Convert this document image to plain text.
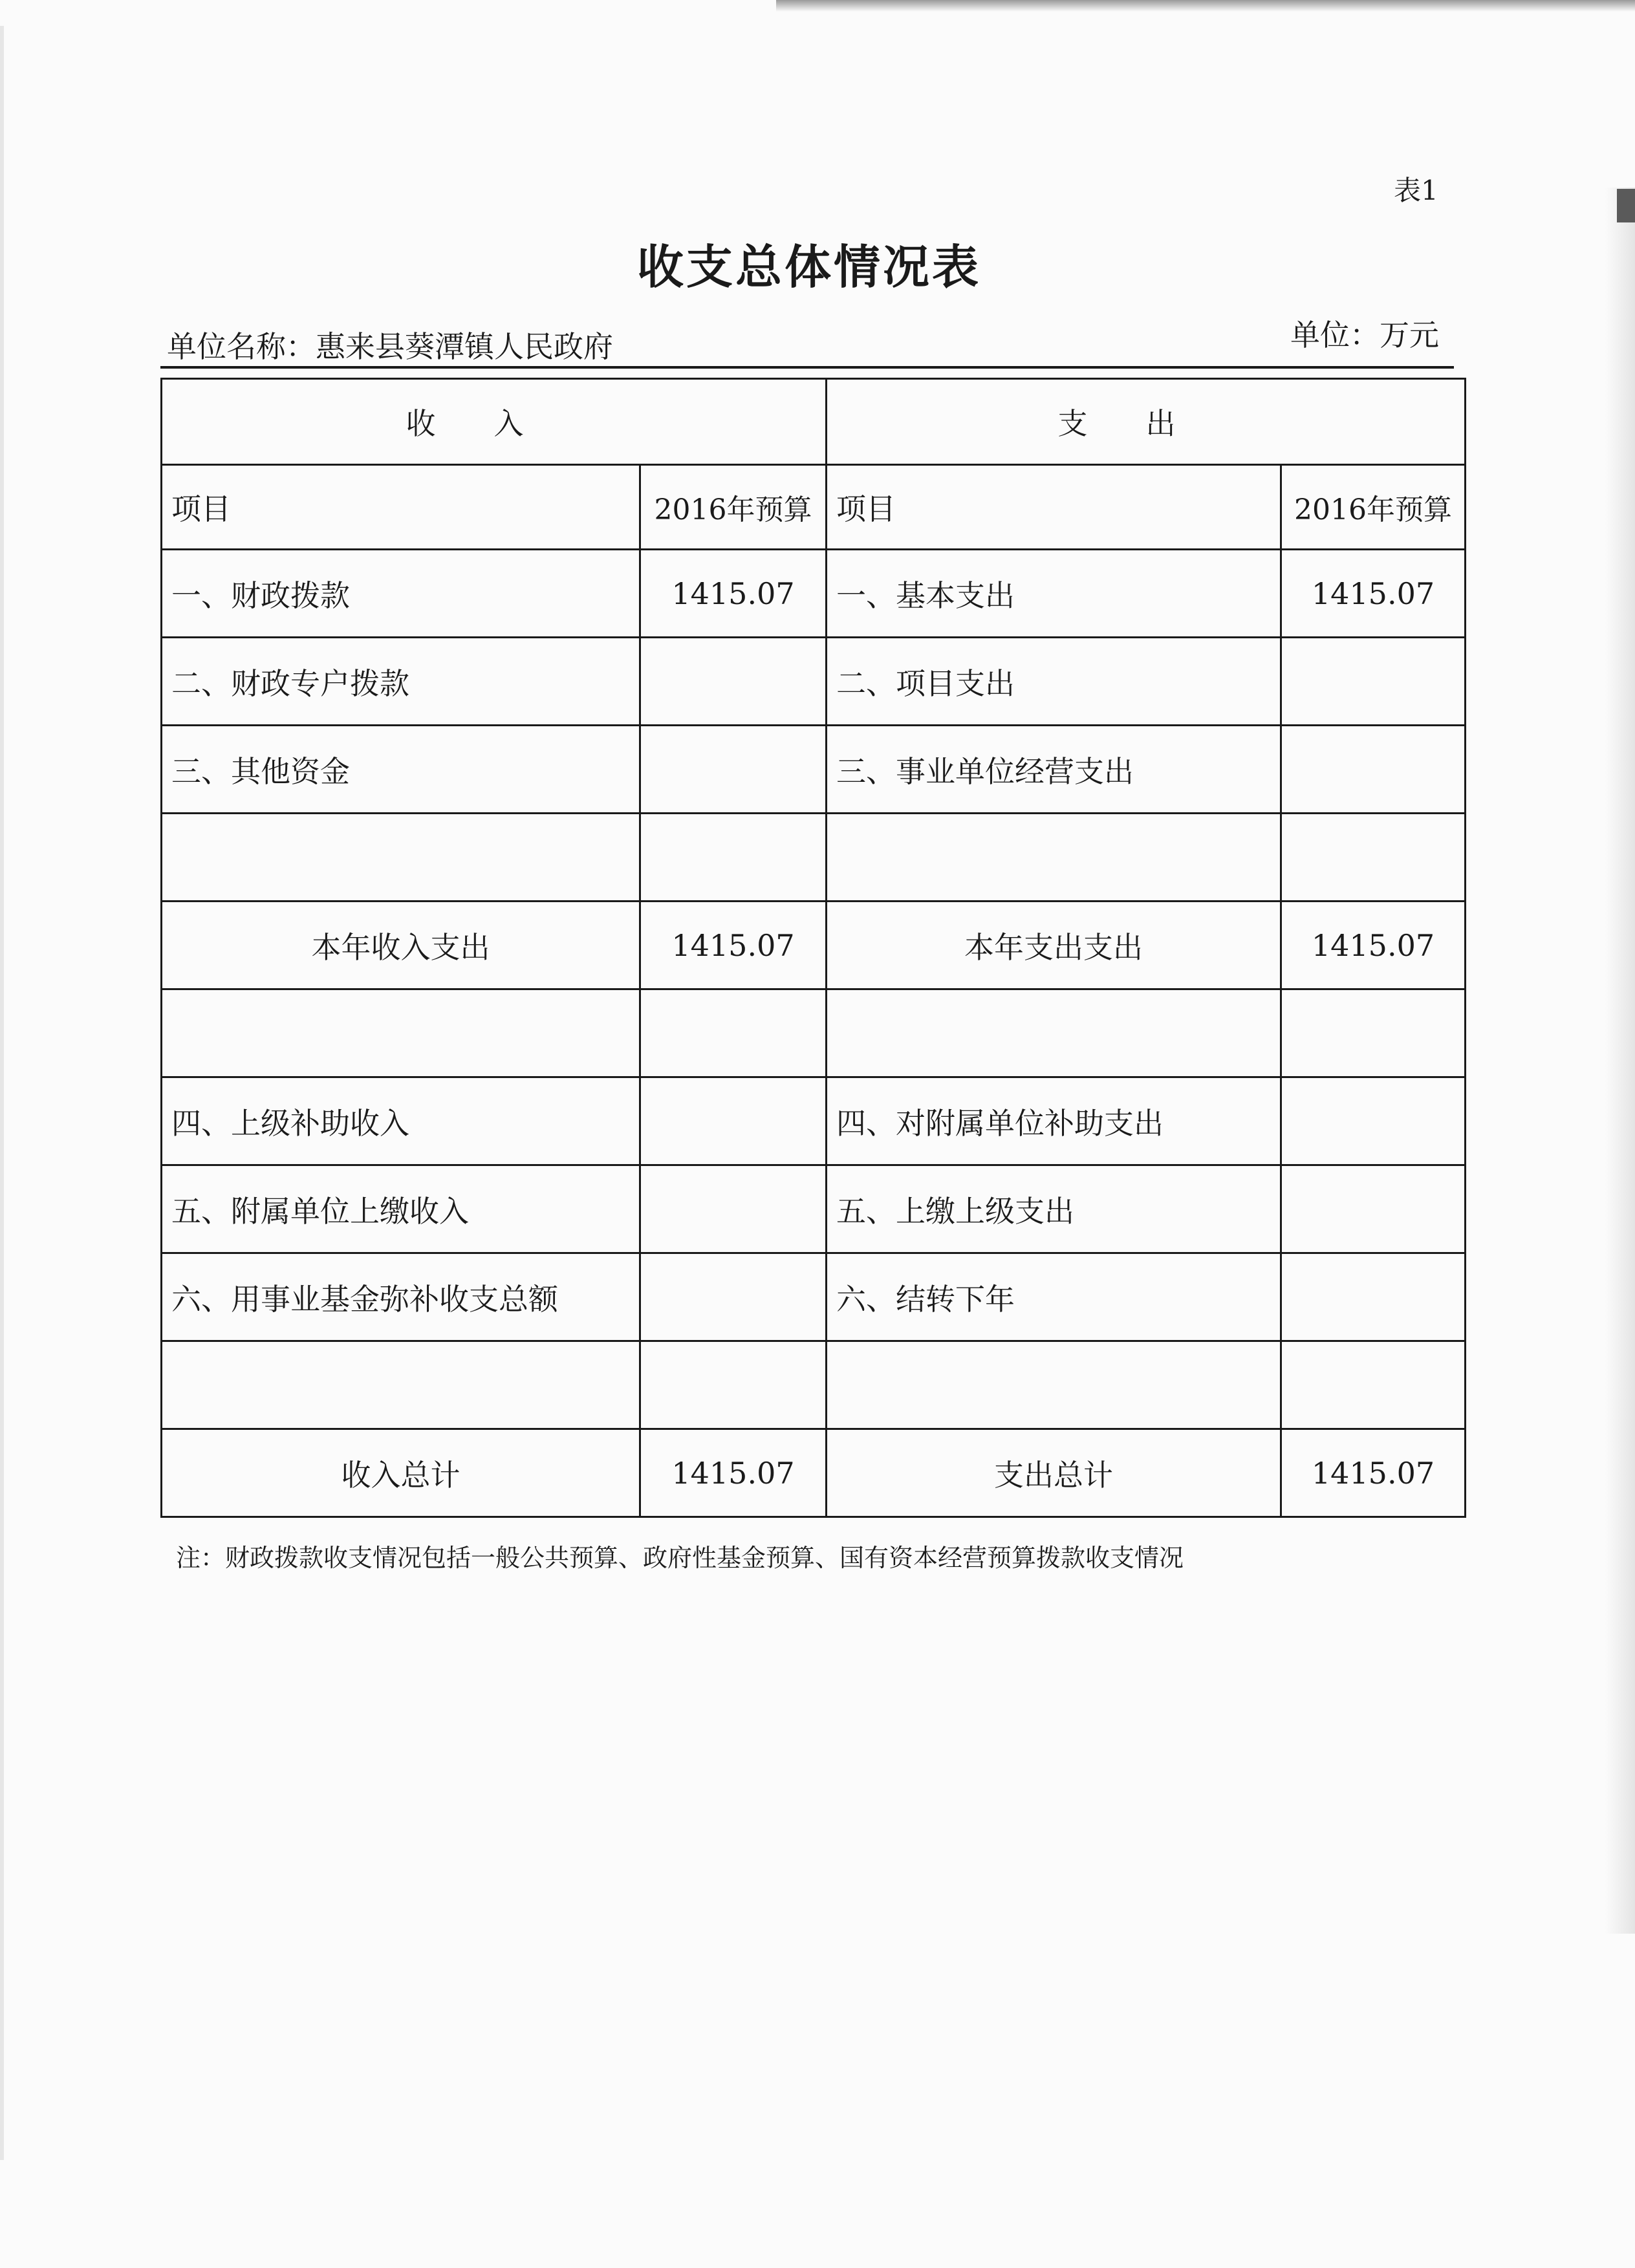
表1
收支总体情况表
单位名称：惠来县葵潭镇人民政府	单位：万元
收入		支出	
项目	2016年预算	项目	2016年预算
一、财政拨款	1415.07	一、基本支出	1415.07
二、财政专户拨款		二、项目支出	
三、其他资金		三、事业单位经营支出	

本年收入支出	1415.07	本年支出支出	1415.07

四、上级补助收入		四、对附属单位补助支出	
五、附属单位上缴收入		五、上缴上级支出	
六、用事业基金弥补收支总额		六、结转下年	

收入总计	1415.07	支出总计	1415.07
注：财政拨款收支情况包括一般公共预算、政府性基金预算、国有资本经营预算拨款收支情况
